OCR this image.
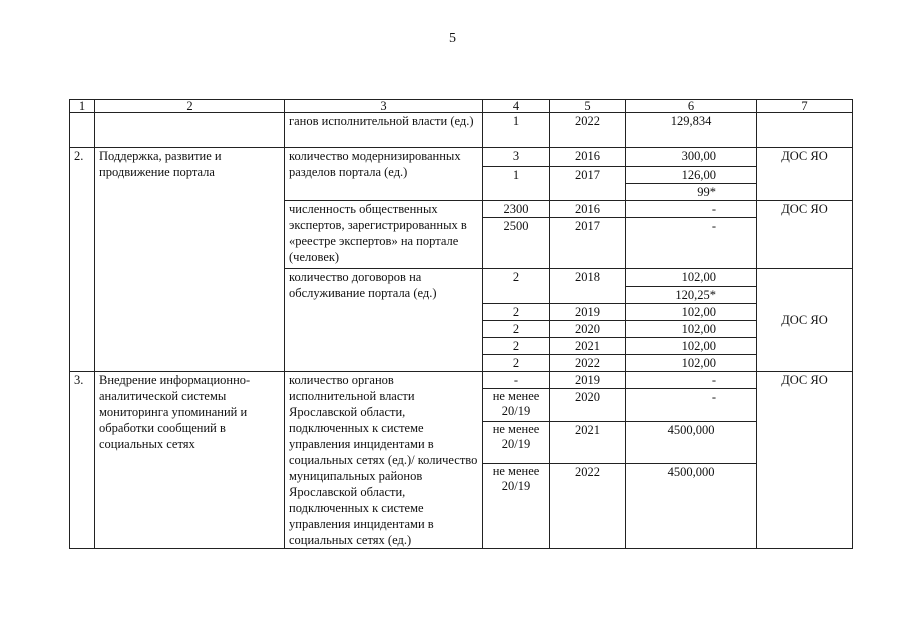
5
1	2	3	4	5	6	7
		ганов исполнительной власти (ед.)	1	2022	129,834	
2.	Поддержка, развитие и продвижение портала	количество модернизированных разделов портала (ед.)	3	2016	300,00	ДОС ЯО
			1	2017	126,00	
					99*	
		численность общественных экспертов, зарегистрированных в «реестре экспертов» на портале (человек)	2300	2016	-	ДОС ЯО
			2500	2017	-	
		количество договоров на обслуживание портала (ед.)	2	2018	102,00	ДОС ЯО
					120,25*	
			2	2019	102,00	
			2	2020	102,00	
			2	2021	102,00	
			2	2022	102,00	
3.	Внедрение информационно-аналитической системы мониторинга упоминаний и обработки сообщений в социальных сетях	количество органов исполнительной власти Ярославской области, подключенных к системе управления инцидентами в социальных сетях (ед.)/ количество муниципальных районов Ярославской области, подключенных к системе управления инцидентами в социальных сетях (ед.)	-	2019	-	ДОС ЯО
			не менее 20/19	2020	-	
			не менее 20/19	2021	4500,000	
			не менее 20/19	2022	4500,000	
